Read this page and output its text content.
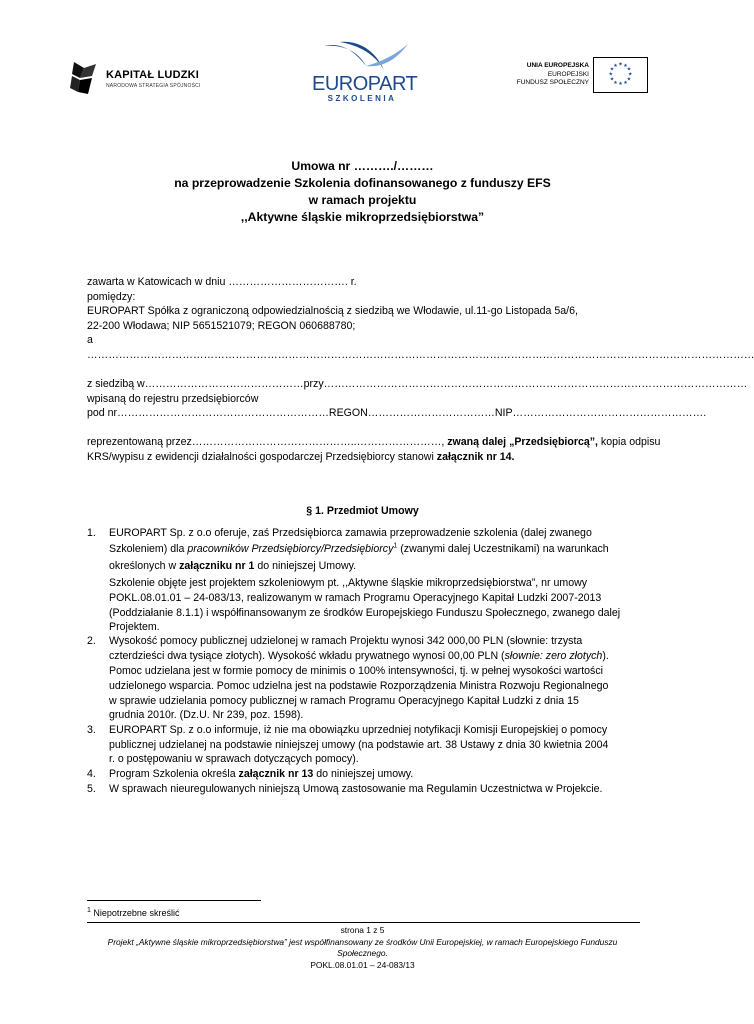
KAPITAŁ LUDZKI
NARODOWA STRATEGIA SPÓJNOŚCI	EUROPART
SZKOLENIA
UNIA EUROPEJSKA
EUROPEJSKI
FUNDUSZ SPOŁECZNY
★ ★
★
★
★
★
★
★
★
★
★
★
Umowa nr ………./………
na przeprowadzenie Szkolenia dofinansowanego z funduszy EFS
w ramach projektu
,,Aktywne śląskie mikroprzedsiębiorstwa”
zawarta w Katowicach w dniu ……………………………. r.
pomiędzy:
EUROPART Spółka z ograniczoną odpowiedzialnością z siedzibą we Włodawie, ul.11-go Listopada 5a/6,
22-200 Włodawa; NIP 5651521079; REGON 060688780;
a
………………………………………………………………………………………………………………………………………………………………………
z siedzibą w………………………………………przy…………………………………………………………………………………………………………
wpisaną do rejestru przedsiębiorców
pod nr……………………………………………………REGON………………………………NIP……………………………………………….
reprezentowaną przez………………………………………..……………………, zwaną dalej „Przedsiębiorcą”, kopia odpisu
KRS/wypisu z ewidencji działalności gospodarczej Przedsiębiorcy stanowi załącznik nr 14.
§ 1. Przedmiot Umowy
1. EUROPART Sp. z o.o oferuje, zaś Przedsiębiorca zamawia przeprowadzenie szkolenia (dalej zwanego
Szkoleniem) dla pracowników Przedsiębiorcy/Przedsiębiorcy$^1$ (zwanymi dalej Uczestnikami) na warunkach
określonych w załączniku nr 1 do niniejszej Umowy.
Szkolenie objęte jest projektem szkoleniowym pt. ,,Aktywne śląskie mikroprzedsiębiorstwa”, nr umowy
POKL.08.01.01 – 24-083/13, realizowanym w ramach Programu Operacyjnego Kapitał Ludzki 2007-2013
(Poddziałanie 8.1.1) i współfinansowanym ze środków Europejskiego Funduszu Społecznego, zwanego dalej
Projektem.
2. Wysokość pomocy publicznej udzielonej w ramach Projektu wynosi 342 000,00 PLN (słownie: trzysta
czterdzieści dwa tysiące złotych). Wysokość wkładu prywatnego wynosi 00,00 PLN (słownie: zero złotych).
Pomoc udzielana jest w formie pomocy de minimis o 100% intensywności, tj. w pełnej wysokości wartości
udzielonego wsparcia. Pomoc udzielna jest na podstawie Rozporządzenia Ministra Rozwoju Regionalnego
w sprawie udzielania pomocy publicznej w ramach Programu Operacyjnego Kapitał Ludzki z dnia 15
grudnia 2010r. (Dz.U. Nr 239, poz. 1598).
3. EUROPART Sp. z o.o informuje, iż nie ma obowiązku uprzedniej notyfikacji Komisji Europejskiej o pomocy
publicznej udzielanej na podstawie niniejszej umowy (na podstawie art. 38 Ustawy z dnia 30 kwietnia 2004
r. o postępowaniu w sprawach dotyczących pomocy).
4. Program Szkolenia określa załącznik nr 13 do niniejszej umowy.
5. W sprawach nieuregulowanych niniejszą Umową zastosowanie ma Regulamin Uczestnictwa w Projekcie.
$^1$ Niepotrzebne skreślić
strona 1 z 5
Projekt „Aktywne śląskie mikroprzedsiębiorstwa” jest współfinansowany ze środków Unii Europejskiej, w ramach Europejskiego Funduszu
Społecznego.
POKL.08.01.01 – 24-083/13
